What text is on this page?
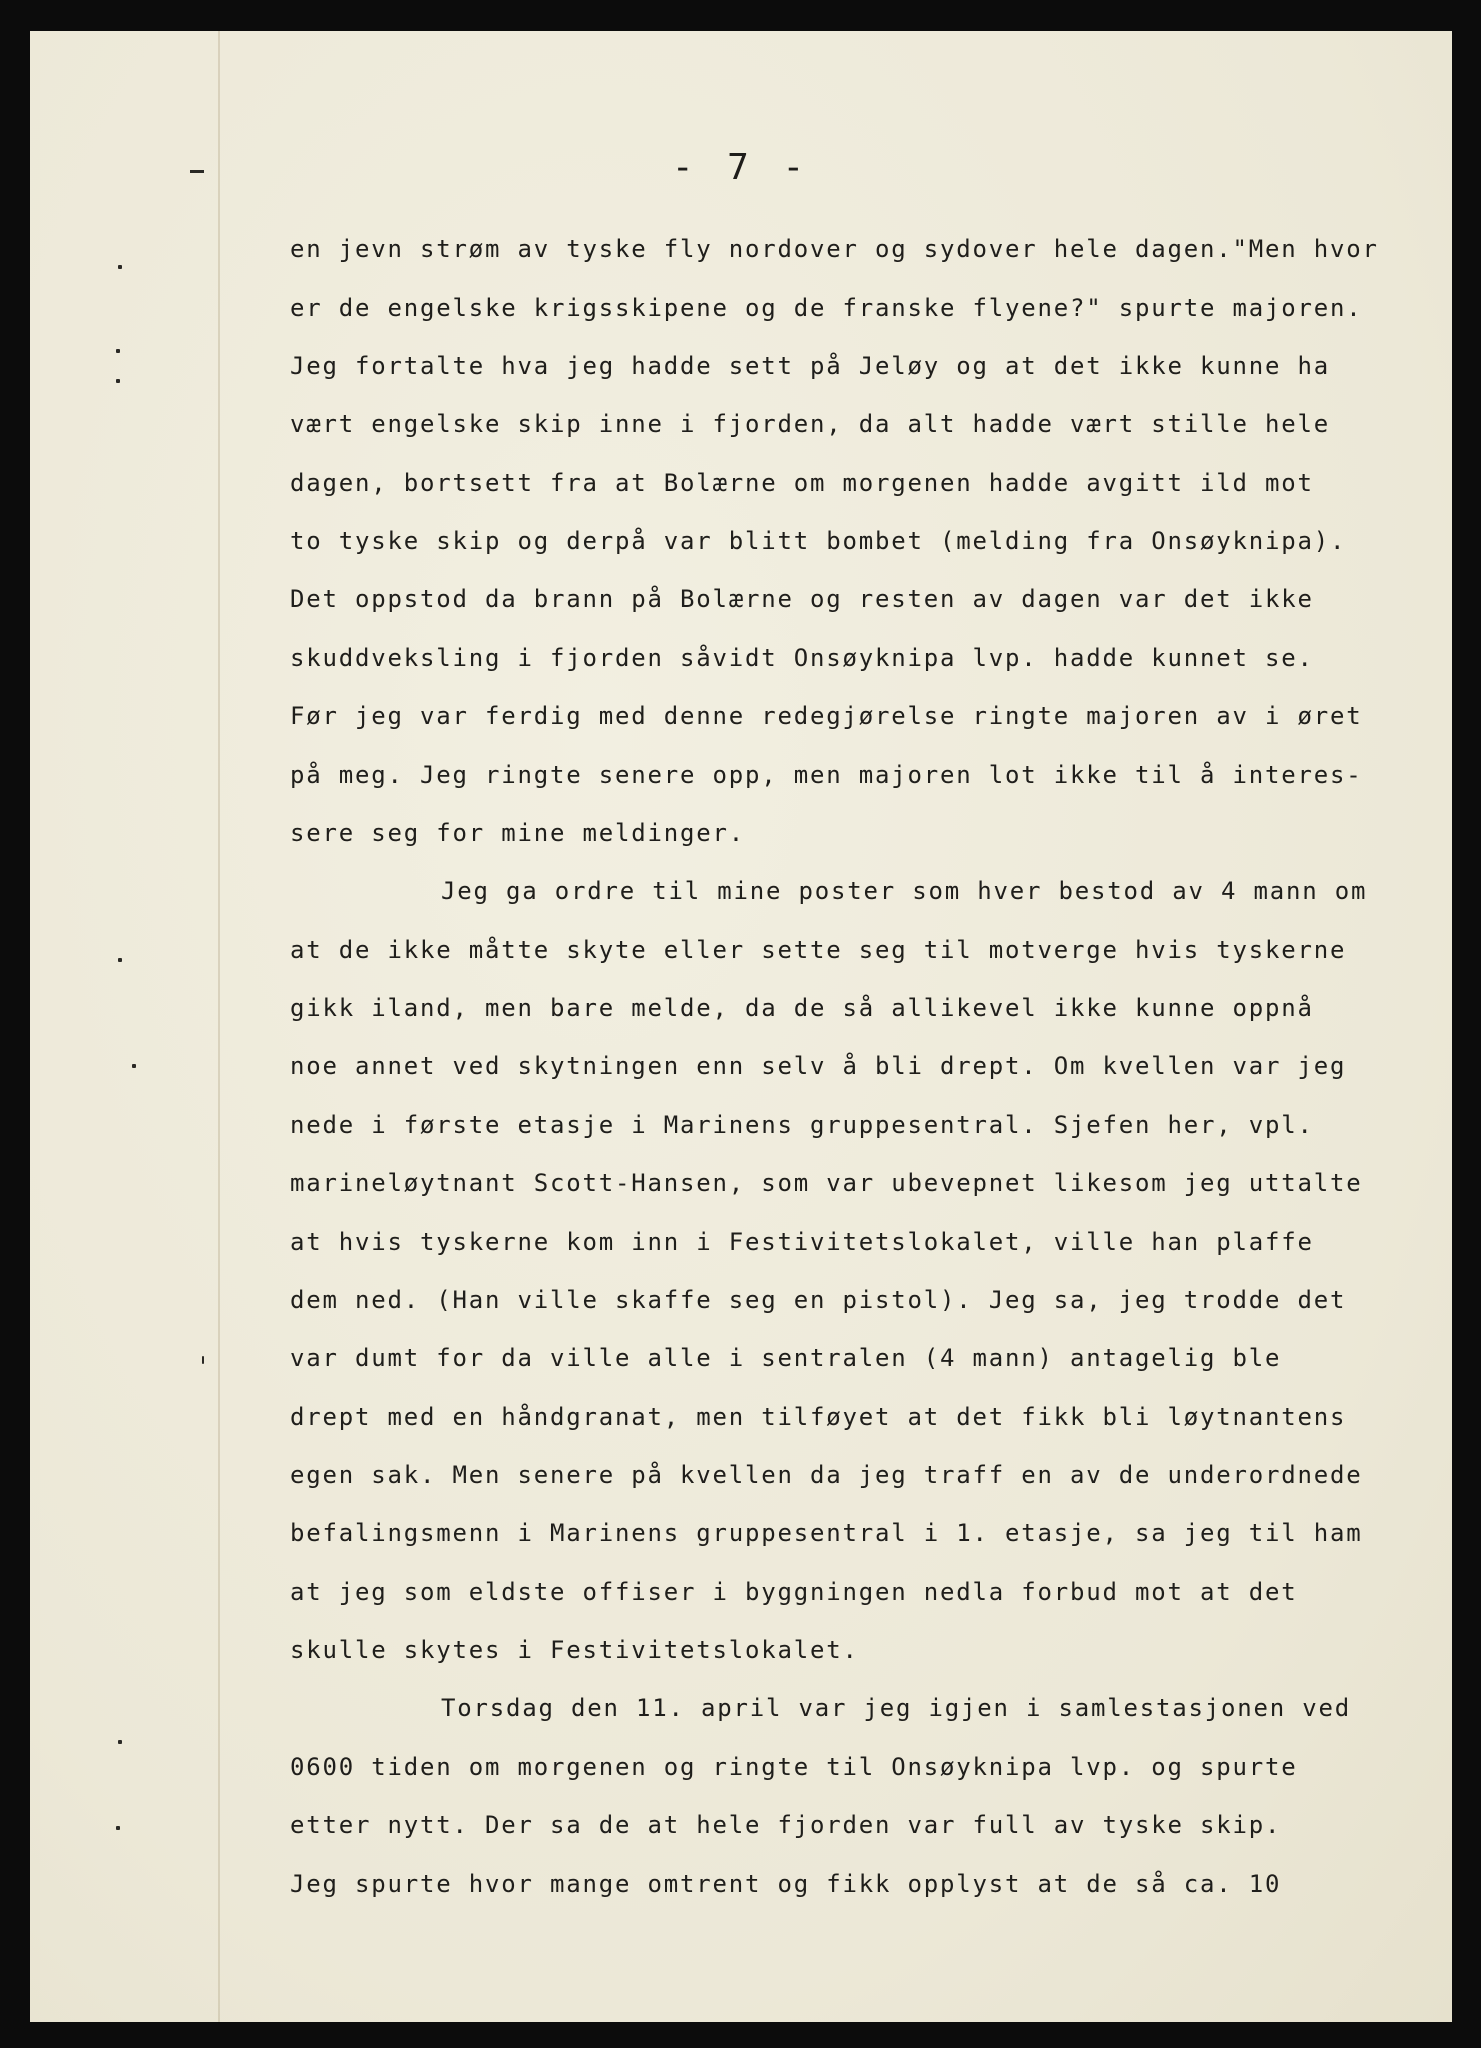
- 7 -
en jevn strøm av tyske fly nordover og sydover hele dagen."Men hvor
er de engelske krigsskipene og de franske flyene?" spurte majoren.
Jeg fortalte hva jeg hadde sett på Jeløy og at det ikke kunne ha
vært engelske skip inne i fjorden, da alt hadde vært stille hele
dagen, bortsett fra at Bolærne om morgenen hadde avgitt ild mot
to tyske skip og derpå var blitt bombet (melding fra Onsøyknipa).
Det oppstod da brann på Bolærne og resten av dagen var det ikke
skuddveksling i fjorden såvidt Onsøyknipa lvp. hadde kunnet se.
Før jeg var ferdig med denne redegjørelse ringte majoren av i øret
på meg. Jeg ringte senere opp, men majoren lot ikke til å interes-
sere seg for mine meldinger.
Jeg ga ordre til mine poster som hver bestod av 4 mann om
at de ikke måtte skyte eller sette seg til motverge hvis tyskerne
gikk iland, men bare melde, da de så allikevel ikke kunne oppnå
noe annet ved skytningen enn selv å bli drept. Om kvellen var jeg
nede i første etasje i Marinens gruppesentral. Sjefen her, vpl.
marineløytnant Scott-Hansen, som var ubevepnet likesom jeg uttalte
at hvis tyskerne kom inn i Festivitetslokalet, ville han plaffe
dem ned. (Han ville skaffe seg en pistol). Jeg sa, jeg trodde det
var dumt for da ville alle i sentralen (4 mann) antagelig ble
drept med en håndgranat, men tilføyet at det fikk bli løytnantens
egen sak. Men senere på kvellen da jeg traff en av de underordnede
befalingsmenn i Marinens gruppesentral i 1. etasje, sa jeg til ham
at jeg som eldste offiser i byggningen nedla forbud mot at det
skulle skytes i Festivitetslokalet.
Torsdag den 11. april var jeg igjen i samlestasjonen ved
0600 tiden om morgenen og ringte til Onsøyknipa lvp. og spurte
etter nytt. Der sa de at hele fjorden var full av tyske skip.
Jeg spurte hvor mange omtrent og fikk opplyst at de så ca. 10
